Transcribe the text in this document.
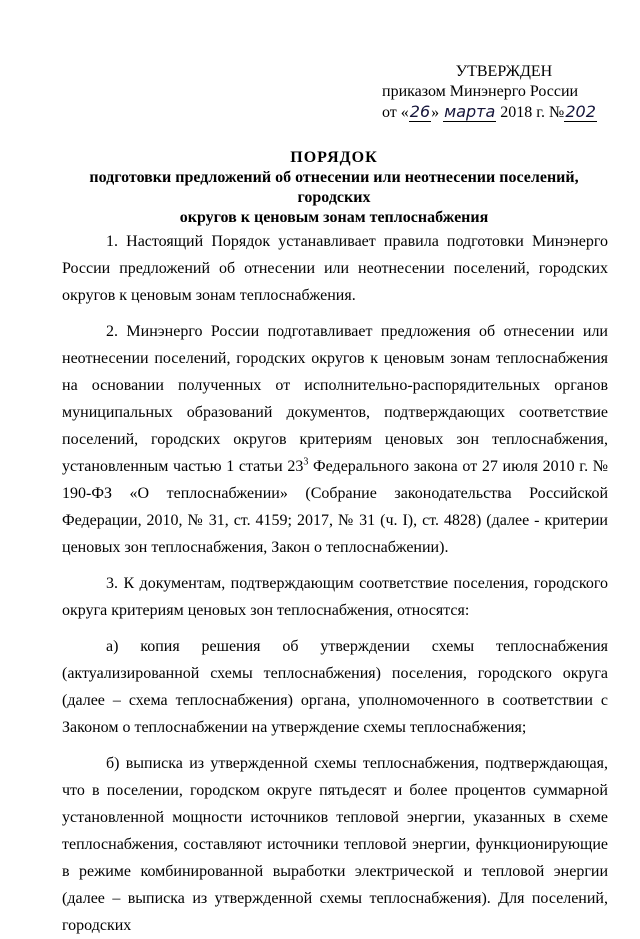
УТВЕРЖДЕН
приказом Минэнерго России
от «26» марта 2018 г. №202
ПОРЯДОК
подготовки предложений об отнесении или неотнесении поселений, городских
округов к ценовым зонам теплоснабжения

1. Настоящий Порядок устанавливает правила подготовки Минэнерго России предложений об отнесении или неотнесении поселений, городских округов к ценовым зонам теплоснабжения.

2. Минэнерго России подготавливает предложения об отнесении или неотнесении поселений, городских округов к ценовым зонам теплоснабжения на основании полученных от исполнительно-распорядительных органов муниципальных образований документов, подтверждающих соответствие поселений, городских округов критериям ценовых зон теплоснабжения, установленным частью 1 статьи $23^3$ Федерального закона от 27 июля 2010 г. № 190-ФЗ «О теплоснабжении» (Собрание законодательства Российской Федерации, 2010, № 31, ст. 4159; 2017, № 31 (ч. I), ст. 4828) (далее - критерии ценовых зон теплоснабжения, Закон о теплоснабжении).

3. К документам, подтверждающим соответствие поселения, городского округа критериям ценовых зон теплоснабжения, относятся:

а) копия решения об утверждении схемы теплоснабжения (актуализированной схемы теплоснабжения) поселения, городского округа (далее – схема теплоснабжения) органа, уполномоченного в соответствии с Законом о теплоснабжении на утверждение схемы теплоснабжения;

б) выписка из утвержденной схемы теплоснабжения, подтверждающая, что в поселении, городском округе пятьдесят и более процентов суммарной установленной мощности источников тепловой энергии, указанных в схеме теплоснабжения, составляют источники тепловой энергии, функционирующие в режиме комбинированной выработки электрической и тепловой энергии (далее – выписка из утвержденной схемы теплоснабжения). Для поселений, городских
